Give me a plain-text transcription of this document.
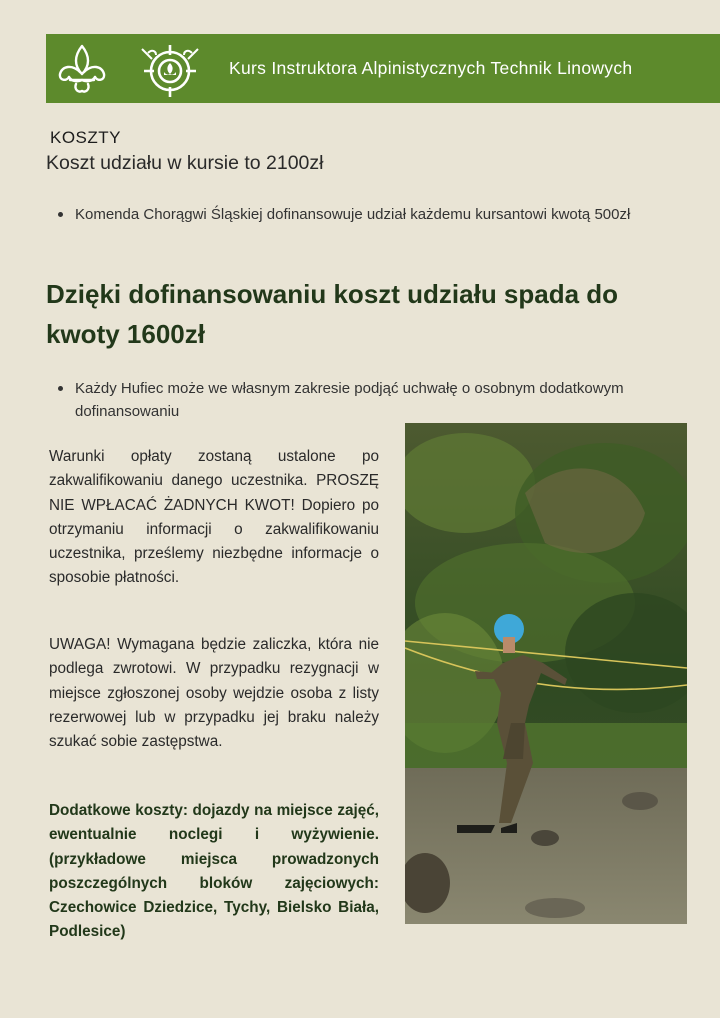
Kurs Instruktora Alpinistycznych Technik Linowych
KOSZTY
Koszt udziału w kursie to 2100zł
Komenda Chorągwi Śląskiej dofinansowuje udział każdemu kursantowi kwotą 500zł
Dzięki dofinansowaniu koszt udziału spada do kwoty 1600zł
Każdy Hufiec może we własnym zakresie podjąć uchwałę o osobnym dodatkowym dofinansowaniu
Warunki opłaty zostaną ustalone po zakwalifikowaniu danego uczestnika. PROSZĘ NIE WPŁACAĆ ŻADNYCH KWOT! Dopiero po otrzymaniu informacji o zakwalifikowaniu uczestnika, prześlemy niezbędne informacje o sposobie płatności.
UWAGA! Wymagana będzie zaliczka, która nie podlega zwrotowi. W przypadku rezygnacji w miejsce zgłoszonej osoby wejdzie osoba z listy rezerwowej lub w przypadku jej braku należy szukać sobie zastępstwa.
Dodatkowe koszty: dojazdy na miejsce zajęć, ewentualnie noclegi i wyżywienie. (przykładowe miejsca prowadzonych poszczególnych bloków zajęciowych: Czechowice Dziedzice, Tychy, Bielsko Biała, Podlesice)
